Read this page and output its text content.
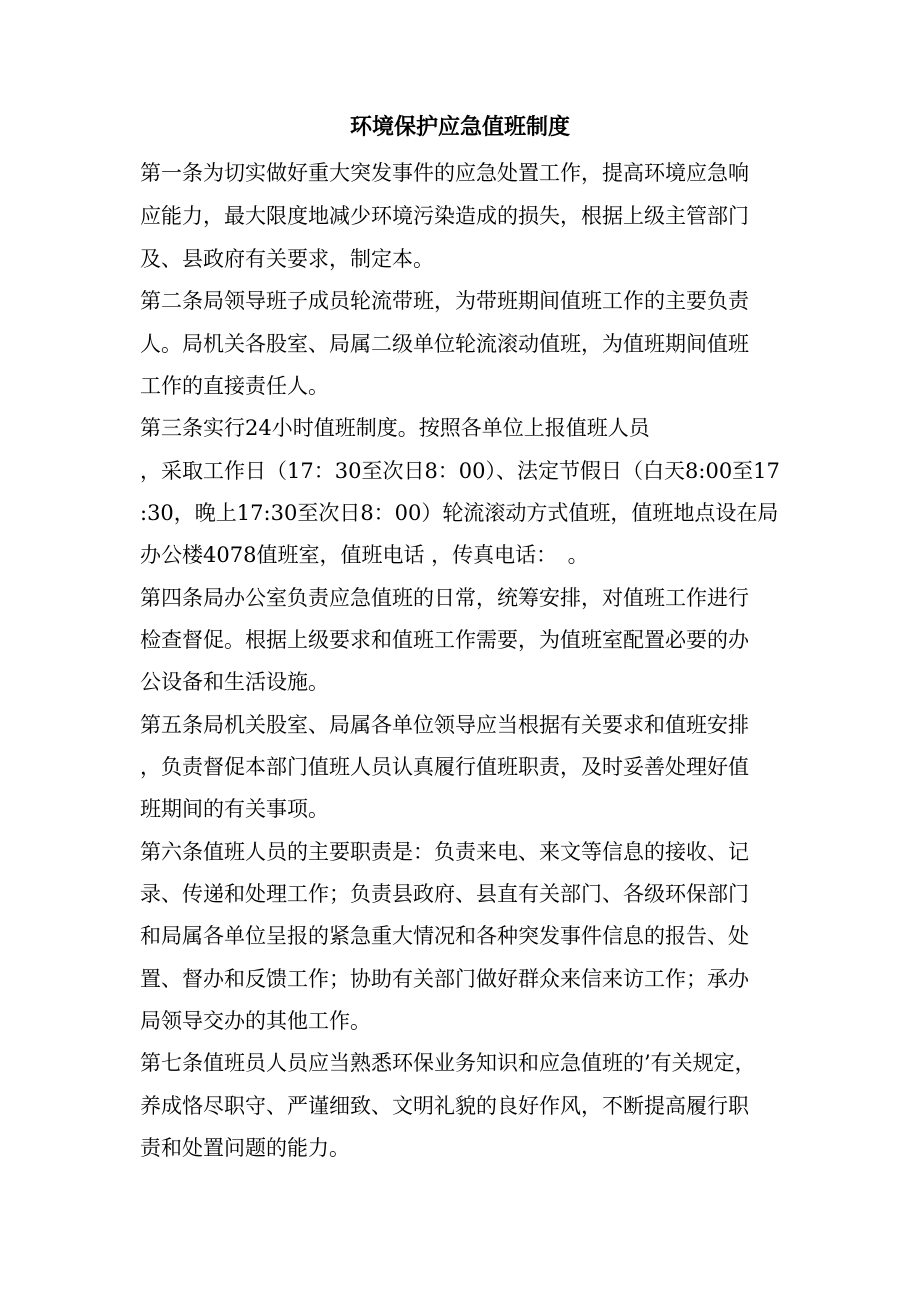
环境保护应急值班制度
第一条为切实做好重大突发事件的应急处置工作，提高环境应急响
应能力，最大限度地减少环境污染造成的损失，根据上级主管部门
及、县政府有关要求，制定本。
第二条局领导班子成员轮流带班，为带班期间值班工作的主要负责
人。局机关各股室、局属二级单位轮流滚动值班，为值班期间值班
工作的直接责任人。
第三条实行24小时值班制度。按照各单位上报值班人员
，采取工作日（17：30至次日8：00）、法定节假日（白天8:00至17
:30，晚上17:30至次日8：00）轮流滚动方式值班，值班地点设在局
办公楼4078值班室，值班电话 ，传真电话：　。
第四条局办公室负责应急值班的日常，统筹安排，对值班工作进行
检查督促。根据上级要求和值班工作需要，为值班室配置必要的办
公设备和生活设施。
第五条局机关股室、局属各单位领导应当根据有关要求和值班安排
，负责督促本部门值班人员认真履行值班职责，及时妥善处理好值
班期间的有关事项。
第六条值班人员的主要职责是：负责来电、来文等信息的接收、记
录、传递和处理工作；负责县政府、县直有关部门、各级环保部门
和局属各单位呈报的紧急重大情况和各种突发事件信息的报告、处
置、督办和反馈工作；协助有关部门做好群众来信来访工作；承办
局领导交办的其他工作。
第七条值班员人员应当熟悉环保业务知识和应急值班的’有关规定，
养成恪尽职守、严谨细致、文明礼貌的良好作风，不断提高履行职
责和处置问题的能力。
